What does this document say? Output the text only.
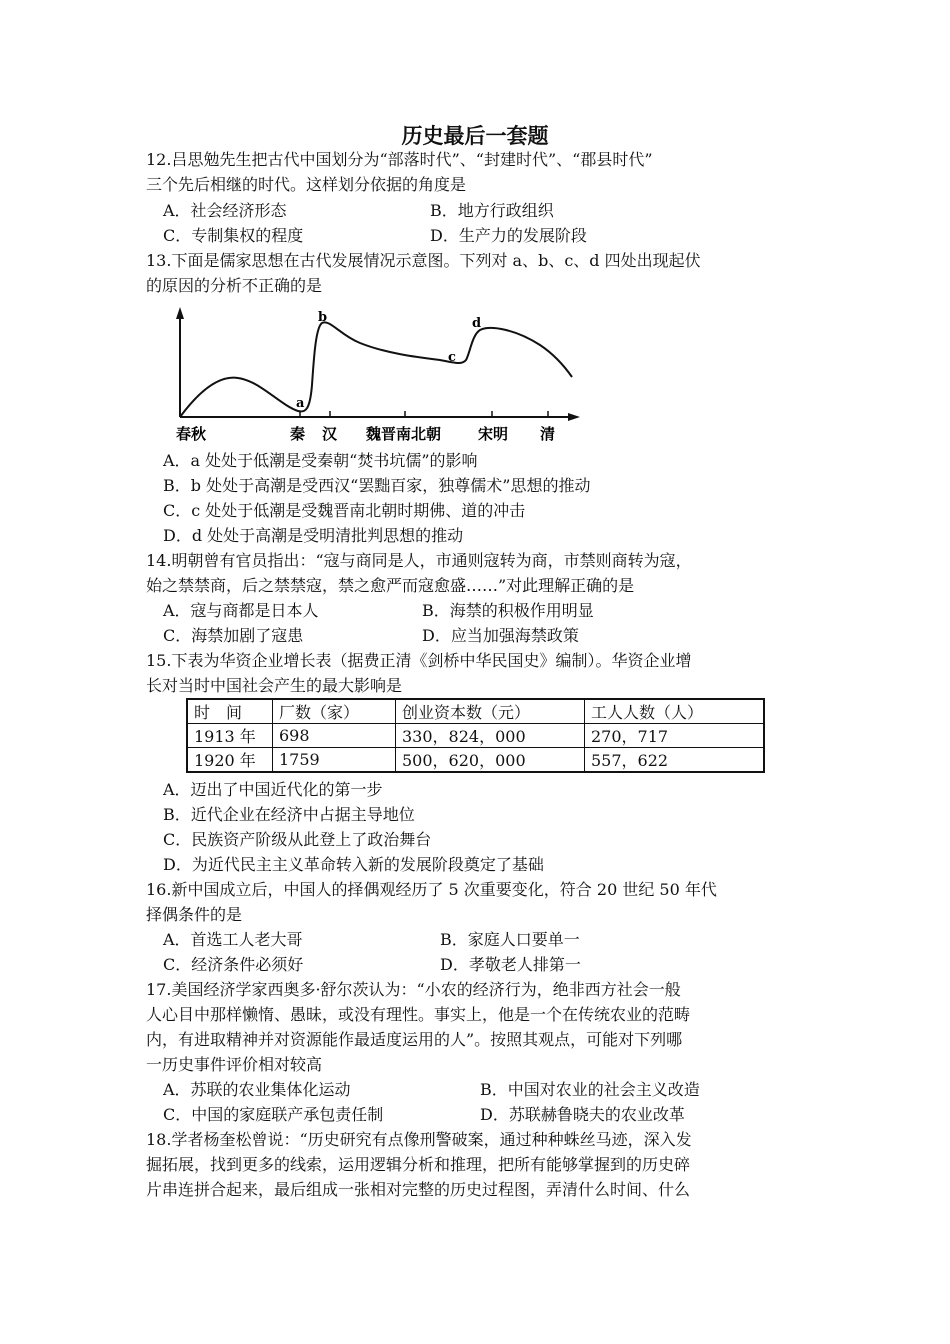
历史最后一套题
12.吕思勉先生把古代中国划分为“部落时代”、“封建时代”、“郡县时代”
三个先后相继的时代。这样划分依据的角度是
A．社会经济形态	B．地方行政组织
C．专制集权的程度	D．生产力的发展阶段
13.下面是儒家思想在古代发展情况示意图。下列对 a、b、c、d 四处出现起伏
的原因的分析不正确的是
a
b
c
d
春秋	秦 汉 魏晋南北朝 宋明 清
A．a 处处于低潮是受秦朝“焚书坑儒”的影响
B．b 处处于高潮是受西汉“罢黜百家，独尊儒术”思想的推动
C．c 处处于低潮是受魏晋南北朝时期佛、道的冲击
D．d 处处于高潮是受明清批判思想的推动
14.明朝曾有官员指出：“寇与商同是人，市通则寇转为商，市禁则商转为寇，
始之禁禁商，后之禁禁寇，禁之愈严而寇愈盛……”对此理解正确的是
A．寇与商都是日本人	B．海禁的积极作用明显
C．海禁加剧了寇患	D．应当加强海禁政策
15.下表为华资企业增长表（据费正清《剑桥中华民国史》编制）。华资企业增
长对当时中国社会产生的最大影响是
时　间	厂数（家）	创业资本数（元）	工人人数（人）
1913 年	698	330，824，000	270，717
1920 年	1759	500，620，000	557，622
A．迈出了中国近代化的第一步
B．近代企业在经济中占据主导地位
C．民族资产阶级从此登上了政治舞台
D．为近代民主主义革命转入新的发展阶段奠定了基础
16.新中国成立后，中国人的择偶观经历了 5 次重要变化，符合 20 世纪 50 年代
择偶条件的是
A．首选工人老大哥	B．家庭人口要单一
C．经济条件必须好	D．孝敬老人排第一
17.美国经济学家西奥多·舒尔茨认为：“小农的经济行为，绝非西方社会一般
人心目中那样懒惰、愚昧，或没有理性。事实上，他是一个在传统农业的范畴
内，有进取精神并对资源能作最适度运用的人”。按照其观点，可能对下列哪
一历史事件评价相对较高
A．苏联的农业集体化运动	B．中国对农业的社会主义改造
C．中国的家庭联产承包责任制	D．苏联赫鲁晓夫的农业改革
18.学者杨奎松曾说：“历史研究有点像刑警破案，通过种种蛛丝马迹，深入发
掘拓展，找到更多的线索，运用逻辑分析和推理，把所有能够掌握到的历史碎
片串连拼合起来，最后组成一张相对完整的历史过程图，弄清什么时间、什么
